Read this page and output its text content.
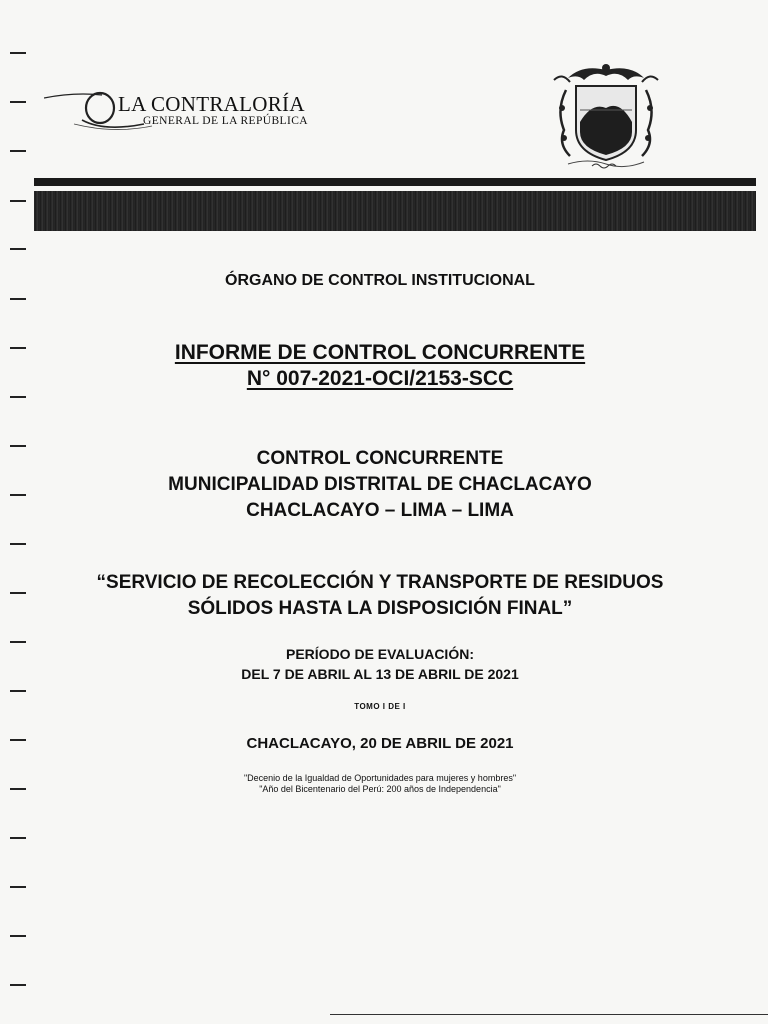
LA CONTRALORÍA
GENERAL DE LA REPÚBLICA
ÓRGANO DE CONTROL INSTITUCIONAL
INFORME DE CONTROL CONCURRENTE
N° 007-2021-OCI/2153-SCC
CONTROL CONCURRENTE
MUNICIPALIDAD DISTRITAL DE CHACLACAYO
CHACLACAYO – LIMA – LIMA
“SERVICIO DE RECOLECCIÓN Y TRANSPORTE DE RESIDUOS
SÓLIDOS HASTA LA DISPOSICIÓN FINAL”
PERÍODO DE EVALUACIÓN:
DEL 7 DE ABRIL AL 13 DE ABRIL DE 2021
TOMO I DE I
CHACLACAYO, 20 DE ABRIL DE 2021
"Decenio de la Igualdad de Oportunidades para mujeres y hombres"
"Año del Bicentenario del Perú: 200 años de Independencia"
